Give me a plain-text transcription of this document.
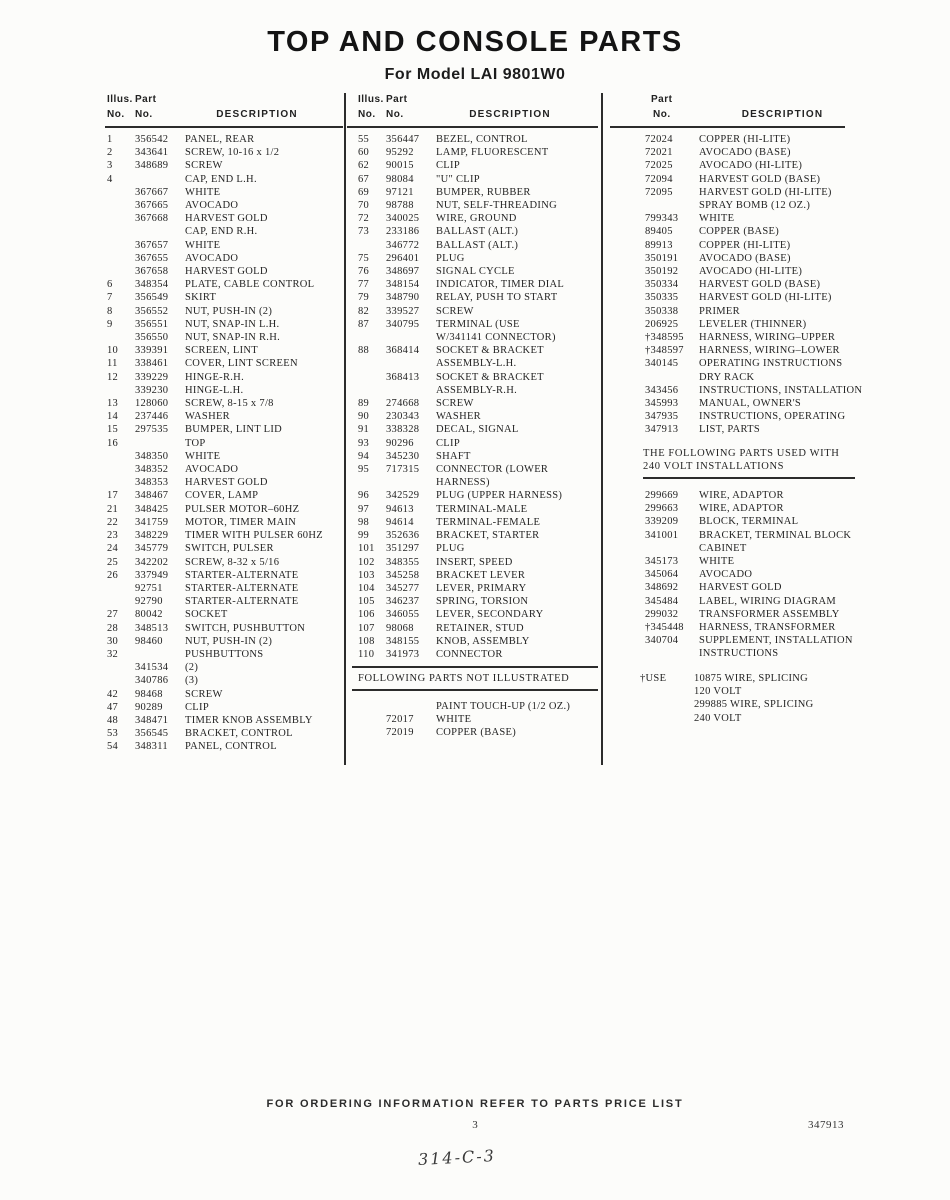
TOP AND CONSOLE PARTS
For Model LAI 9801W0
Illus. Part
No.	No.	DESCRIPTION
Illus. Part
No.	No.	DESCRIPTION
Part
No.	DESCRIPTION
1	356542	PANEL, REAR
2	343641	SCREW, 10-16 x 1/2
3	348689	SCREW
4	CAP, END L.H.
367667	WHITE
367665	AVOCADO
367668	HARVEST GOLD
CAP, END R.H.
367657	WHITE
367655	AVOCADO
367658	HARVEST GOLD
6	348354	PLATE, CABLE CONTROL
7	356549	SKIRT
8	356552	NUT, PUSH-IN (2)
9	356551	NUT, SNAP-IN L.H.
356550	NUT, SNAP-IN R.H.
10	339391	SCREEN, LINT
11	338461	COVER, LINT SCREEN
12	339229	HINGE-R.H.
339230	HINGE-L.H.
13	128060	SCREW, 8-15 x 7/8
14	237446	WASHER
15	297535	BUMPER, LINT LID
16	TOP
348350	WHITE
348352	AVOCADO
348353	HARVEST GOLD
17	348467	COVER, LAMP
21	348425	PULSER MOTOR–60HZ
22	341759	MOTOR, TIMER MAIN
23	348229	TIMER WITH PULSER 60HZ
24	345779	SWITCH, PULSER
25	342202	SCREW, 8-32 x 5/16
26	337949	STARTER-ALTERNATE
92751	STARTER-ALTERNATE
92790	STARTER-ALTERNATE
27	80042	SOCKET
28	348513	SWITCH, PUSHBUTTON
30	98460	NUT, PUSH-IN (2)
32	PUSHBUTTONS
341534	(2)
340786	(3)
42	98468	SCREW
47	90289	CLIP
48	348471	TIMER KNOB ASSEMBLY
53	356545	BRACKET, CONTROL
54	348311	PANEL, CONTROL
55	356447	BEZEL, CONTROL
60	95292	LAMP, FLUORESCENT
62	90015	CLIP
67	98084	"U" CLIP
69	97121	BUMPER, RUBBER
70	98788	NUT, SELF-THREADING
72	340025	WIRE, GROUND
73	233186	BALLAST (ALT.)
346772	BALLAST (ALT.)
75	296401	PLUG
76	348697	SIGNAL CYCLE
77	348154	INDICATOR, TIMER DIAL
79	348790	RELAY, PUSH TO START
82	339527	SCREW
87	340795	TERMINAL (USE
W/341141 CONNECTOR)
88	368414	SOCKET & BRACKET
ASSEMBLY-L.H.
368413	SOCKET & BRACKET
ASSEMBLY-R.H.
89	274668	SCREW
90	230343	WASHER
91	338328	DECAL, SIGNAL
93	90296	CLIP
94	345230	SHAFT
95	717315	CONNECTOR (LOWER
HARNESS)
96	342529	PLUG (UPPER HARNESS)
97	94613	TERMINAL-MALE
98	94614	TERMINAL-FEMALE
99	352636	BRACKET, STARTER
101	351297	PLUG
102	348355	INSERT, SPEED
103	345258	BRACKET LEVER
104	345277	LEVER, PRIMARY
105	346237	SPRING, TORSION
106	346055	LEVER, SECONDARY
107	98068	RETAINER, STUD
108	348155	KNOB, ASSEMBLY
110	341973	CONNECTOR
FOLLOWING PARTS NOT ILLUSTRATED
PAINT TOUCH-UP (1/2 OZ.)
72017	WHITE
72019	COPPER (BASE)
72024	COPPER (HI-LITE)
72021	AVOCADO (BASE)
72025	AVOCADO (HI-LITE)
72094	HARVEST GOLD (BASE)
72095	HARVEST GOLD (HI-LITE)
SPRAY BOMB (12 OZ.)
799343	WHITE
89405	COPPER (BASE)
89913	COPPER (HI-LITE)
350191	AVOCADO (BASE)
350192	AVOCADO (HI-LITE)
350334	HARVEST GOLD (BASE)
350335	HARVEST GOLD (HI-LITE)
350338	PRIMER
206925	LEVELER (THINNER)
†348595	HARNESS, WIRING–UPPER
†348597	HARNESS, WIRING–LOWER
340145	OPERATING INSTRUCTIONS
DRY RACK
343456	INSTRUCTIONS, INSTALLATION
345993	MANUAL, OWNER'S
347935	INSTRUCTIONS, OPERATING
347913	LIST, PARTS
THE FOLLOWING PARTS USED WITH
240 VOLT INSTALLATIONS
299669	WIRE, ADAPTOR
299663	WIRE, ADAPTOR
339209	BLOCK, TERMINAL
341001	BRACKET, TERMINAL BLOCK
CABINET
345173	WHITE
345064	AVOCADO
348692	HARVEST GOLD
345484	LABEL, WIRING DIAGRAM
299032	TRANSFORMER ASSEMBLY
†345448	HARNESS, TRANSFORMER
340704	SUPPLEMENT, INSTALLATION
INSTRUCTIONS
†USE	10875 WIRE, SPLICING
120 VOLT
299885 WIRE, SPLICING
240 VOLT
FOR ORDERING INFORMATION REFER TO PARTS PRICE LIST
3	347913
314-C-3
